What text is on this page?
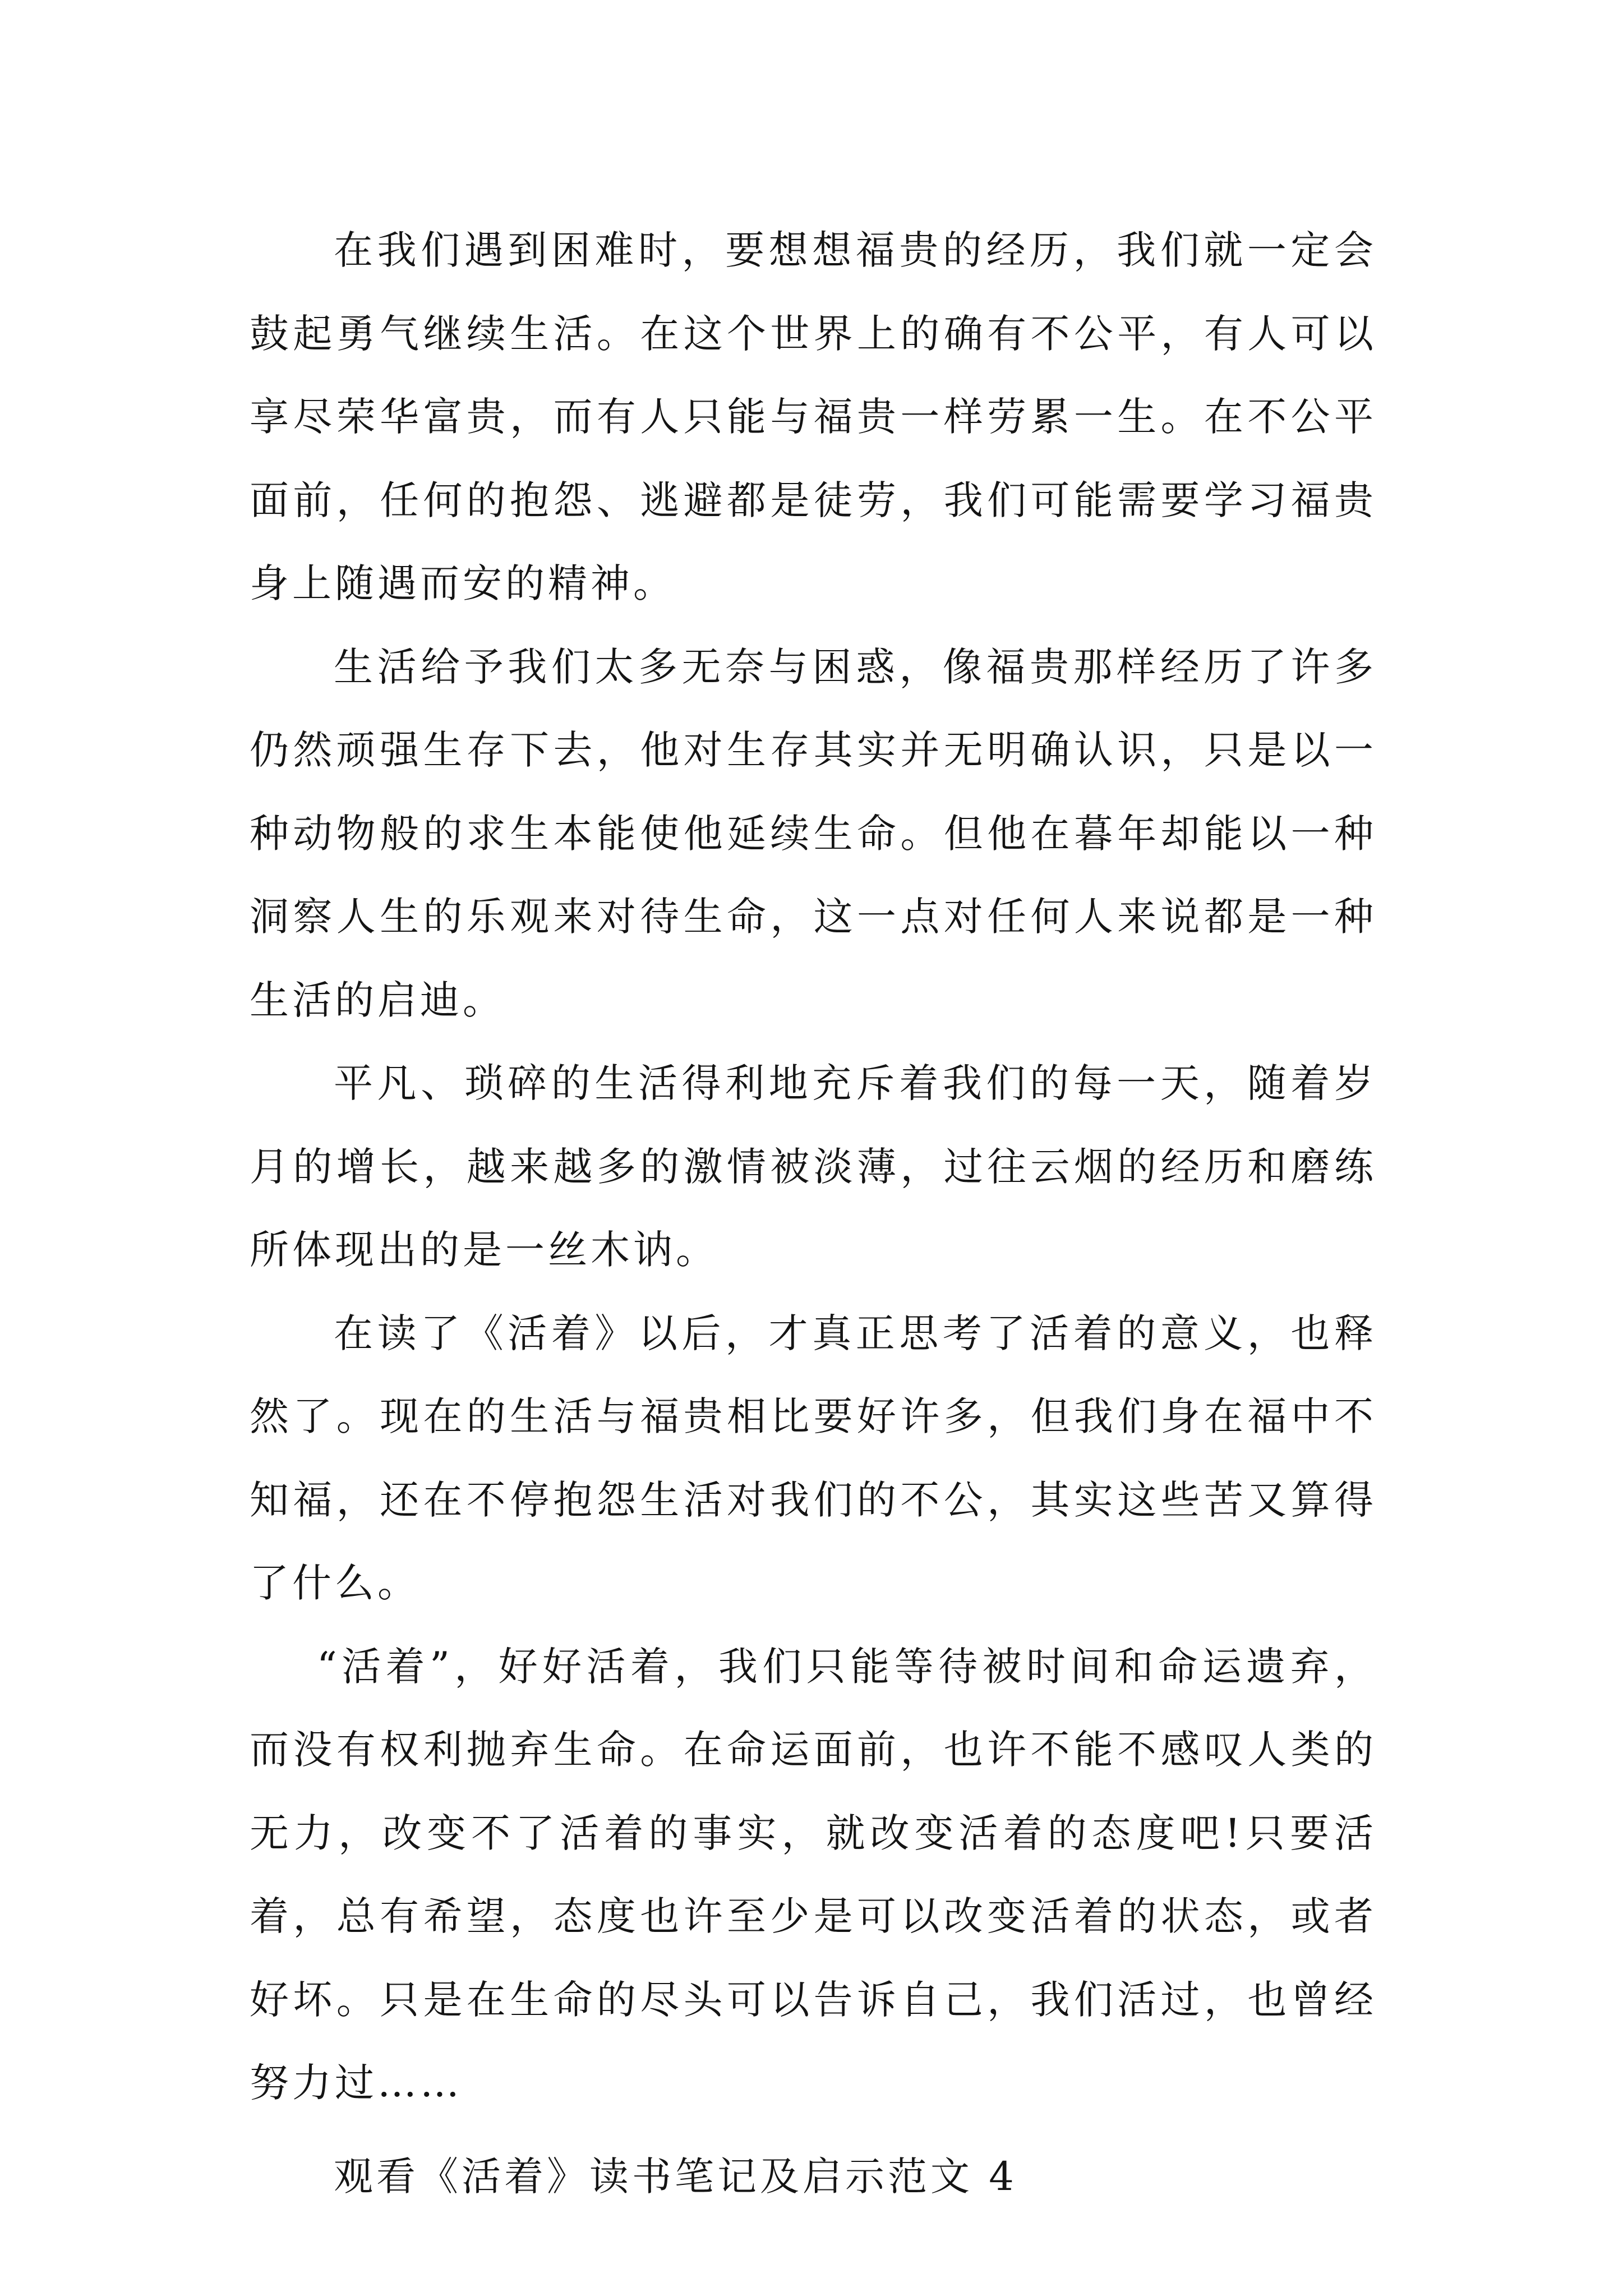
在我们遇到困难时，要想想福贵的经历，我们就一定会鼓起勇气继续生活。在这个世界上的确有不公平，有人可以享尽荣华富贵，而有人只能与福贵一样劳累一生。在不公平面前，任何的抱怨、逃避都是徒劳，我们可能需要学习福贵身上随遇而安的精神。

生活给予我们太多无奈与困惑，像福贵那样经历了许多仍然顽强生存下去，他对生存其实并无明确认识，只是以一种动物般的求生本能使他延续生命。但他在暮年却能以一种洞察人生的乐观来对待生命，这一点对任何人来说都是一种生活的启迪。

平凡、琐碎的生活得利地充斥着我们的每一天，随着岁月的增长，越来越多的激情被淡薄，过往云烟的经历和磨练所体现出的是一丝木讷。

在读了《活着》以后，才真正思考了活着的意义，也释然了。现在的生活与福贵相比要好许多，但我们身在福中不知福，还在不停抱怨生活对我们的不公，其实这些苦又算得了什么。

“活着”，好好活着，我们只能等待被时间和命运遗弃，而没有权利抛弃生命。在命运面前，也许不能不感叹人类的无力，改变不了活着的事实，就改变活着的态度吧!只要活着，总有希望，态度也许至少是可以改变活着的状态，或者好坏。只是在生命的尽头可以告诉自己，我们活过，也曾经努力过……

观看《活着》读书笔记及启示范文 4
